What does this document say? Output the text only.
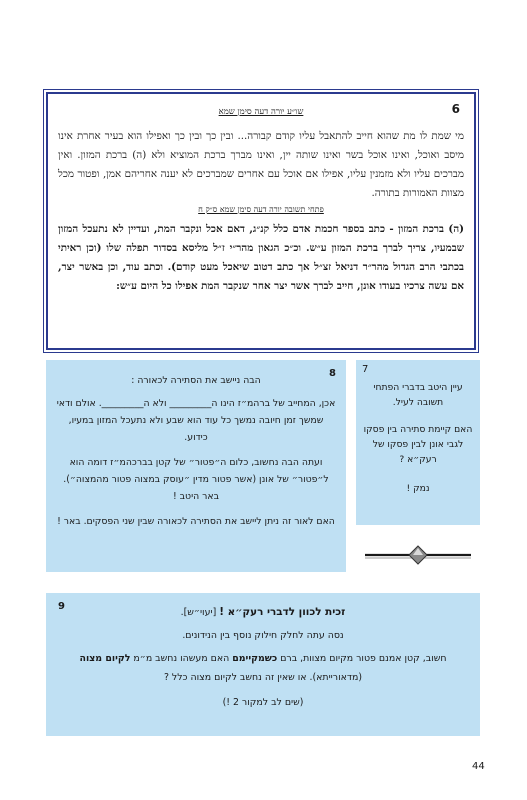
6
שו״ע יורה דעה סימן שמא
מי שמת לו מת שהוא חייב להתאבל עליו קודם קבורה... ובין כך ובין כך ואפילו הוא בעיר אחרת אינו מיסב ואוכל, ואינו אוכל בשר ואינו שותה יין, ואינו מברך ברכת המוציא ולא (ה) ברכת המזון. ואין מברכים עליו ולא מזמנין עליו, אפילו אם אוכל עם אחרים שמברכים לא יענה אחריהם אמן, ופטור מכל מצוות האמורות בתורה.
פתחי תשובה יורה דעה סימן שמא ס״ק ח
(ה) ברכת המזון - כתב בספר חכמת אדם כלל קנ״ג, דאם אכל ונקבר המת, ועדיין לא נתעכל המזון שבמעיו, צריך לברך ברכת המזון ע״ש. וכ״כ הגאון מהר״י ז״ל מליסא בסדור תפלה שלו (וכן ראיתי בכתבי הרב הגדול מהר״ר דניאל זצ״ל אך כתב דטוב שיאכל מעט קודם). וכתב עוד, וכן באשר יצר, אם עשה צרכיו בעודו אונן, חייב לברך אשר יצר אחר שנקבר המת אפילו כל היום ע״ש:
8

הבה ניישב את הסתירה לכאורה :

אכן, המחייב של ברהמ״ז הינו ה_________ ולא ה_________. אולם ודאי שמשך זמן חיובה נמשך כל עוד הוא שבע ולא נתעכל המזון במעיו, כידוע.

ועתה הבה נחשוב, כלום ה״פטור״ של קטן בברכהמ״ז דומה הוא ל״פטור״ של אונן (אשר פטור מדין ״עוסק במצוה פטור מהמצוה״). באר היטב !

האם לאור זה ניתן ליישב את הסתירה לכאורה שבין שני הפסקים. באר !

7

עיין היטב בדברי הפתחי תשובה לעיל.

האם קיימת סתירה בין פסקו לגבי אונן לבין פסקו של רעק״א ?

נמק !

9	זכית לכוון לדברי רעק״א ! [יעוי״ש].

נסה עתה לחלק חילוק נוסף בין הנידונים.

חשוב, קטן אמנם פטור מקיום מצוות, ברם כשמקיימם האם מעשהו נחשב מ״מ לקיום מצוה (מדאורייתא). או שאין זה נחשב לקיום מצוה כלל ?

(שים לב למקור 2 !)

44
